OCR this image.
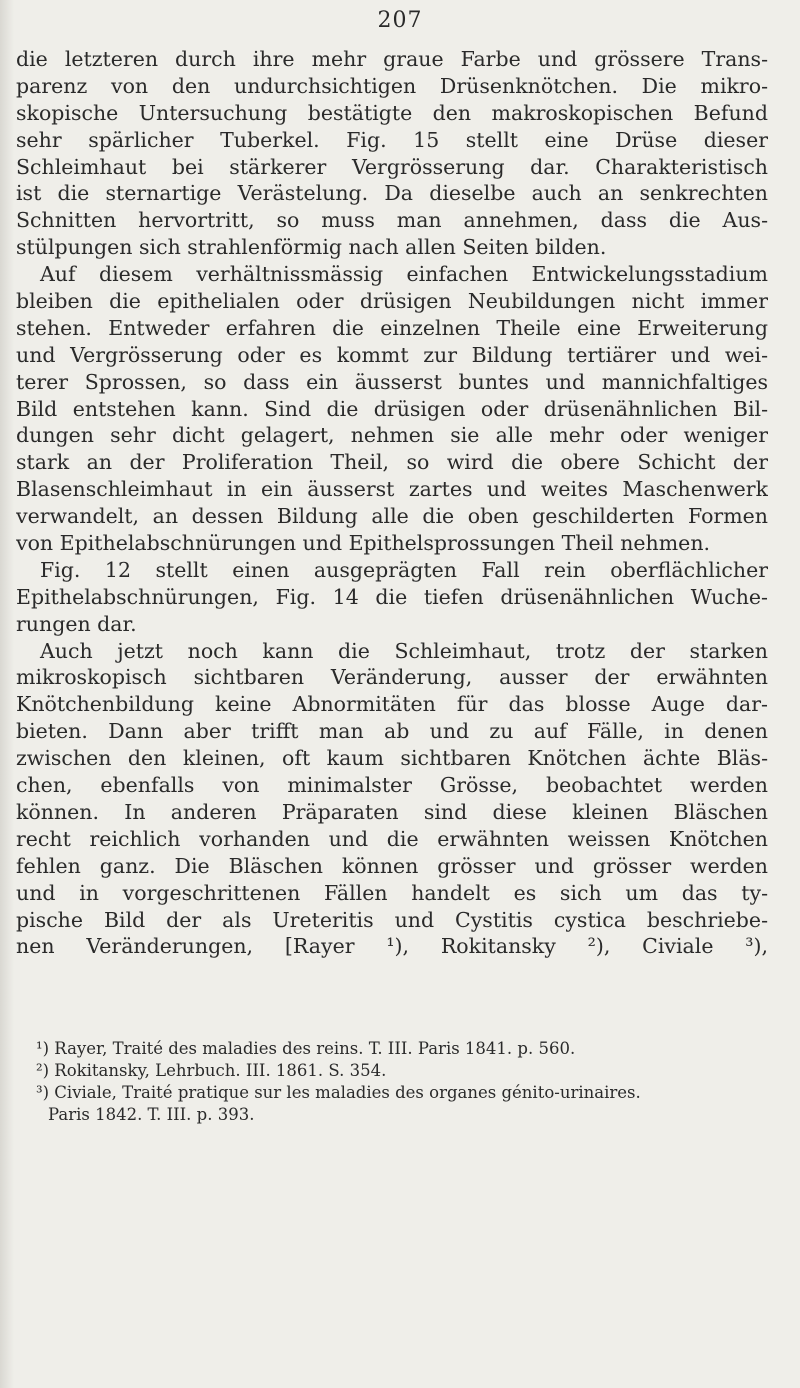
207
die letzteren durch ihre mehr graue Farbe und grössere Trans-
parenz von den undurchsichtigen Drüsenknötchen. Die mikro-
skopische Untersuchung bestätigte den makroskopischen Befund
sehr spärlicher Tuberkel. Fig. 15 stellt eine Drüse dieser
Schleimhaut bei stärkerer Vergrösserung dar. Charakteristisch
ist die sternartige Verästelung. Da dieselbe auch an senkrechten
Schnitten hervortritt, so muss man annehmen, dass die Aus-
stülpungen sich strahlenförmig nach allen Seiten bilden.
Auf diesem verhältnissmässig einfachen Entwickelungsstadium
bleiben die epithelialen oder drüsigen Neubildungen nicht immer
stehen. Entweder erfahren die einzelnen Theile eine Erweiterung
und Vergrösserung oder es kommt zur Bildung tertiärer und wei-
terer Sprossen, so dass ein äusserst buntes und mannichfaltiges
Bild entstehen kann. Sind die drüsigen oder drüsenähnlichen Bil-
dungen sehr dicht gelagert, nehmen sie alle mehr oder weniger
stark an der Proliferation Theil, so wird die obere Schicht der
Blasenschleimhaut in ein äusserst zartes und weites Maschenwerk
verwandelt, an dessen Bildung alle die oben geschilderten Formen
von Epithelabschnürungen und Epithelsprossungen Theil nehmen.
Fig. 12 stellt einen ausgeprägten Fall rein oberflächlicher
Epithelabschnürungen, Fig. 14 die tiefen drüsenähnlichen Wuche-
rungen dar.
Auch jetzt noch kann die Schleimhaut, trotz der starken
mikroskopisch sichtbaren Veränderung, ausser der erwähnten
Knötchenbildung keine Abnormitäten für das blosse Auge dar-
bieten. Dann aber trifft man ab und zu auf Fälle, in denen
zwischen den kleinen, oft kaum sichtbaren Knötchen ächte Bläs-
chen, ebenfalls von minimalster Grösse, beobachtet werden
können. In anderen Präparaten sind diese kleinen Bläschen
recht reichlich vorhanden und die erwähnten weissen Knötchen
fehlen ganz. Die Bläschen können grösser und grösser werden
und in vorgeschrittenen Fällen handelt es sich um das ty-
pische Bild der als Ureteritis und Cystitis cystica beschriebe-
nen Veränderungen, [Rayer ¹), Rokitansky ²), Civiale ³),
¹) Rayer, Traité des maladies des reins. T. III. Paris 1841. p. 560.
²) Rokitansky, Lehrbuch. III. 1861. S. 354.
³) Civiale, Traité pratique sur les maladies des organes génito-urinaires.
Paris 1842. T. III. p. 393.
